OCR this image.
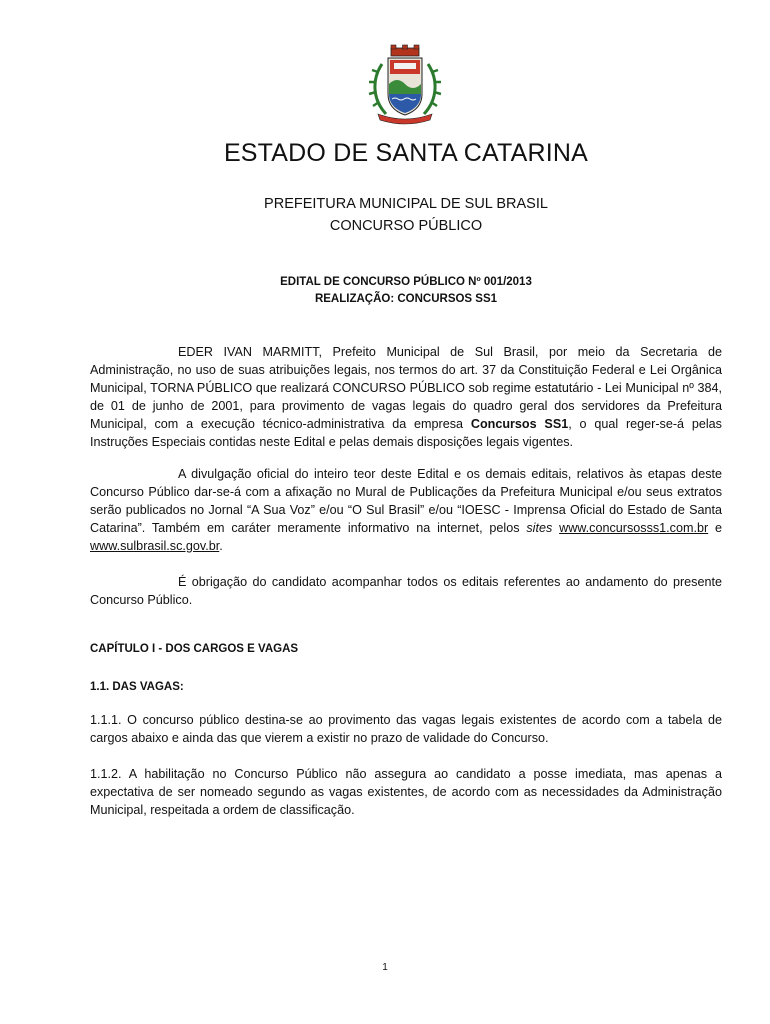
ESTADO DE SANTA CATARINA
PREFEITURA MUNICIPAL DE SUL BRASIL
CONCURSO PÚBLICO
EDITAL DE CONCURSO PÚBLICO Nº 001/2013
REALIZAÇÃO: CONCURSOS SS1

EDER IVAN MARMITT, Prefeito Municipal de Sul Brasil, por meio da Secretaria de Administração, no uso de suas atribuições legais, nos termos do art. 37 da Constituição Federal e Lei Orgânica Municipal, TORNA PÚBLICO que realizará CONCURSO PÚBLICO sob regime estatutário - Lei Municipal nº 384, de 01 de junho de 2001, para provimento de vagas legais do quadro geral dos servidores da Prefeitura Municipal, com a execução técnico-administrativa da empresa Concursos SS1, o qual reger-se-á pelas Instruções Especiais contidas neste Edital e pelas demais disposições legais vigentes.

A divulgação oficial do inteiro teor deste Edital e os demais editais, relativos às etapas deste Concurso Público dar-se-á com a afixação no Mural de Publicações da Prefeitura Municipal e/ou seus extratos serão publicados no Jornal “A Sua Voz” e/ou “O Sul Brasil” e/ou “IOESC - Imprensa Oficial do Estado de Santa Catarina”. Também em caráter meramente informativo na internet, pelos sites www.concursosss1.com.br e www.sulbrasil.sc.gov.br.

É obrigação do candidato acompanhar todos os editais referentes ao andamento do presente Concurso Público.

CAPÍTULO I - DOS CARGOS E VAGAS
1.1. DAS VAGAS:

1.1.1. O concurso público destina-se ao provimento das vagas legais existentes de acordo com a tabela de cargos abaixo e ainda das que vierem a existir no prazo de validade do Concurso.

1.1.2. A habilitação no Concurso Público não assegura ao candidato a posse imediata, mas apenas a expectativa de ser nomeado segundo as vagas existentes, de acordo com as necessidades da Administração Municipal, respeitada a ordem de classificação.

1
